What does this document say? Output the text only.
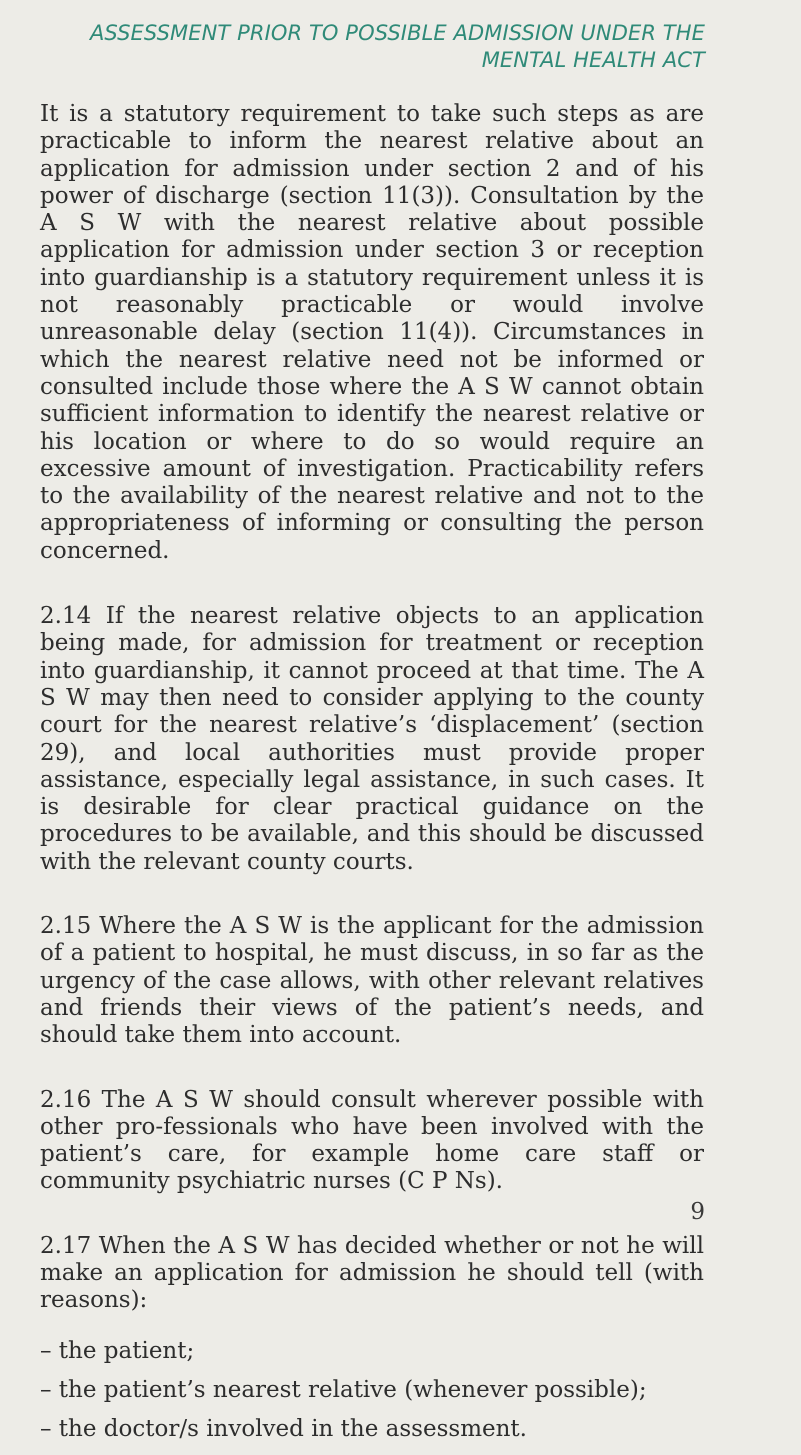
ASSESSMENT PRIOR TO POSSIBLE ADMISSION UNDER THE
MENTAL HEALTH ACT

It is a statutory requirement to take such steps as are practicable to inform the nearest relative about an application for admission under section 2 and of his power of discharge (section 11(3)). Consultation by the A S W with the nearest relative about possible application for admission under section 3 or reception into guardianship is a statutory requirement unless it is not reasonably practicable or would involve unreasonable delay (section 11(4)). Circumstances in which the nearest relative need not be informed or consulted include those where the A S W cannot obtain sufficient information to identify the nearest relative or his location or where to do so would require an excessive amount of investigation. Practicability refers to the availability of the nearest relative and not to the appropriateness of informing or consulting the person concerned.

2.14 If the nearest relative objects to an application being made, for admission for treatment or reception into guardianship, it cannot proceed at that time. The A S W may then need to consider applying to the county court for the nearest relative’s ‘displacement’ (section 29), and local authorities must provide proper assistance, especially legal assistance, in such cases. It is desirable for clear practical guidance on the procedures to be available, and this should be discussed with the relevant county courts.

2.15 Where the A S W is the applicant for the admission of a patient to hospital, he must discuss, in so far as the urgency of the case allows, with other relevant relatives and friends their views of the patient’s needs, and should take them into account.

2.16 The A S W should consult wherever possible with other pro-fessionals who have been involved with the patient’s care, for example home care staff or community psychiatric nurses (C P Ns).

2.17 When the A S W has decided whether or not he will make an application for admission he should tell (with reasons):

– the patient;
– the patient’s nearest relative (whenever possible);
– the doctor/s involved in the assessment.
9
